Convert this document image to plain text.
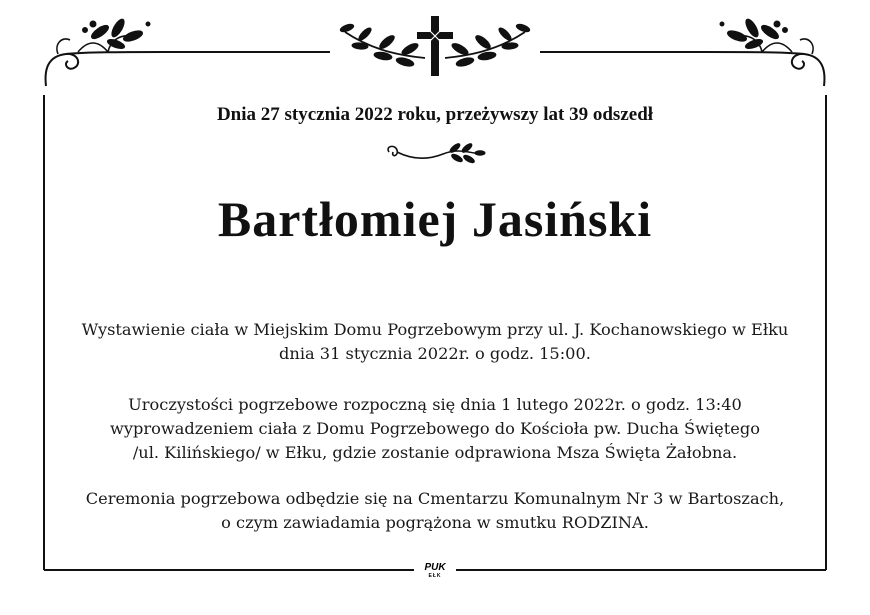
Dnia 27 stycznia 2022 roku, przeżywszy lat 39 odszedł
Bartłomiej Jasiński
Wystawienie ciała w Miejskim Domu Pogrzebowym przy ul. J. Kochanowskiego w Ełku
dnia 31 stycznia 2022r. o godz. 15:00.
Uroczystości pogrzebowe rozpoczną się dnia 1 lutego 2022r. o godz. 13:40
wyprowadzeniem ciała z Domu Pogrzebowego do Kościoła pw. Ducha Świętego
/ul. Kilińskiego/ w Ełku, gdzie zostanie odprawiona Msza Święta Żałobna.
Ceremonia pogrzebowa odbędzie się na Cmentarzu Komunalnym Nr 3 w Bartoszach,
o czym zawiadamia pogrążona w smutku RODZINA.
PUK
EŁK
